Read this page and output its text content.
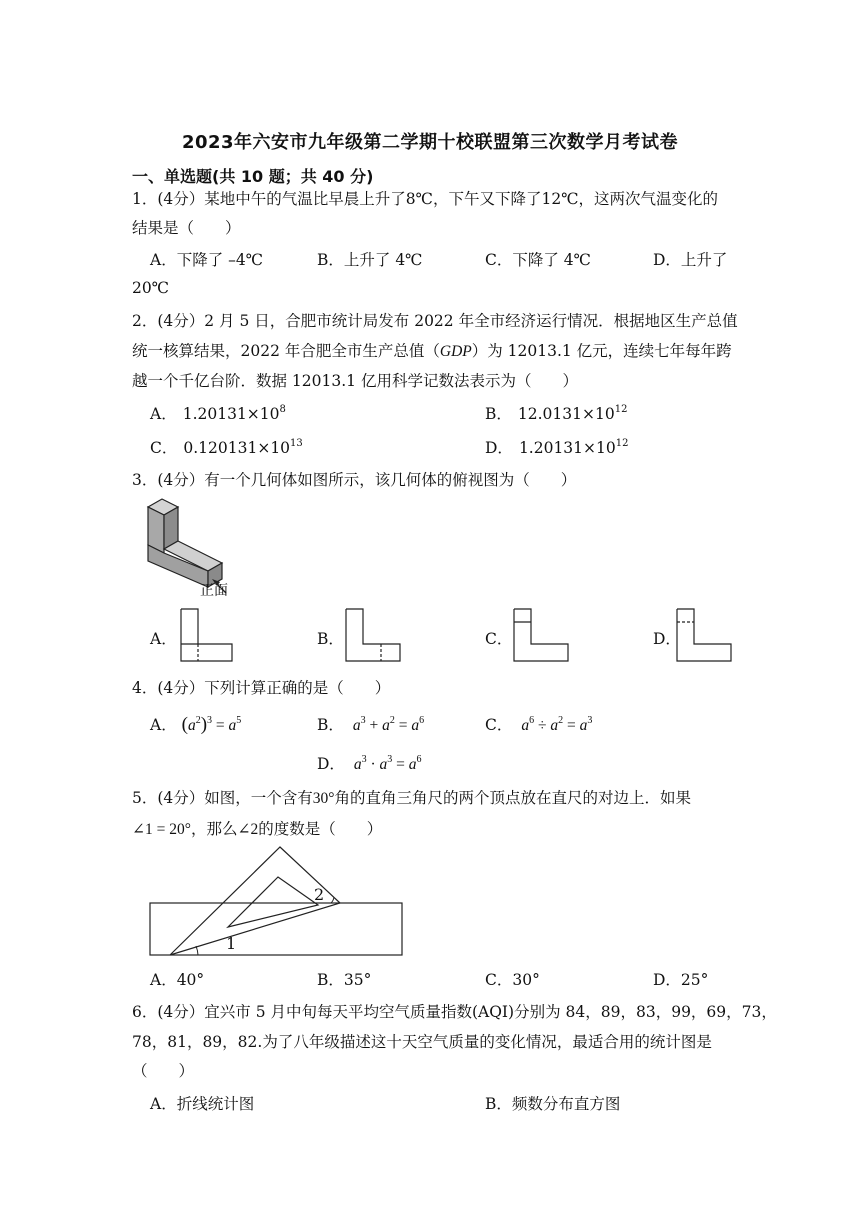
2023年六安市九年级第二学期十校联盟第三次数学月考试卷
一、单选题(共 10 题；共 40 分)
1．(4分）某地中午的气温比早晨上升了8℃，下午又下降了12℃，这两次气温变化的
结果是（　　）
A．下降了 –4℃	B．上升了 4℃	C．下降了 4℃	D．上升了
20℃
2．(4分）2 月 5 日，合肥市统计局发布 2022 年全市经济运行情况．根据地区生产总值
统一核算结果，2022 年合肥全市生产总值（GDP）为 12013.1 亿元，连续七年每年跨
越一个千亿台阶．数据 12013.1 亿用科学记数法表示为（　　）
A． $1.20131\times 10^8$	B． $12.0131\times 10^{12}$
C． $0.120131\times 10^{13}$	D． $1.20131\times 10^{12}$
3．(4分）有一个几何体如图所示，该几何体的俯视图为（　　）
正面
A．	B．	C．	D．
4．(4分）下列计算正确的是（　　）
A． $(a^2)^3 = a^5$	B． $a^3 + a^2 = a^6$	C． $a^6 \div a^2 = a^3$
D． $a^3 \cdot a^3 = a^6$
5．(4分）如图，一个含有30°角的直角三角尺的两个顶点放在直尺的对边上．如果
∠1 = 20°，那么∠2的度数是（　　）
1
2
A．40°	B．35°	C．30°	D．25°
6．(4分）宜兴市 5 月中旬每天平均空气质量指数(AQI)分别为 84，89，83，99，69，73，
78，81，89，82.为了八年级描述这十天空气质量的变化情况，最适合用的统计图是
（　　）
A．折线统计图	B．频数分布直方图
